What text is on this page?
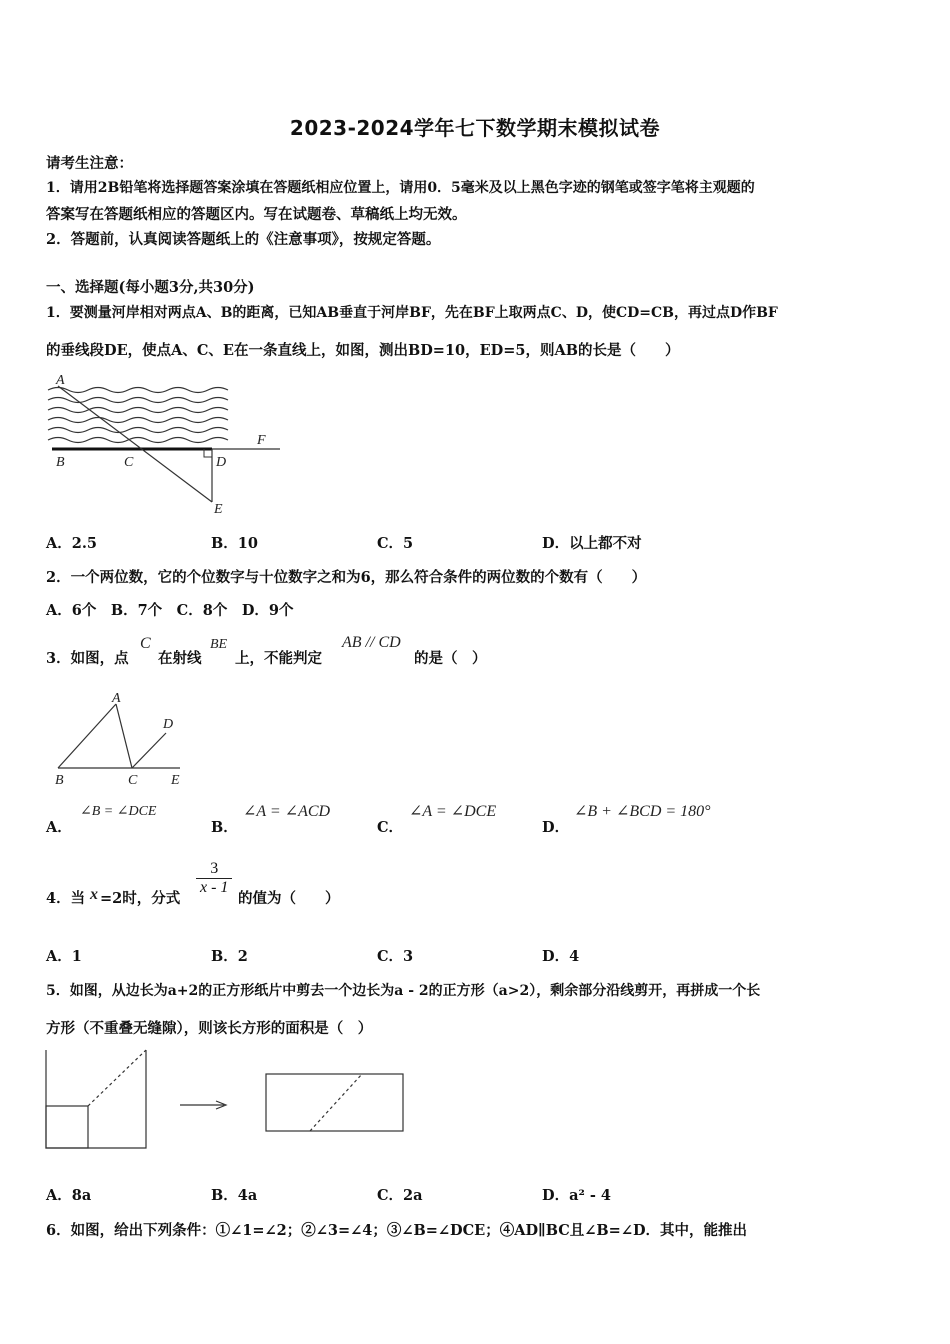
2023-2024学年七下数学期末模拟试卷
请考生注意：
1．请用2B铅笔将选择题答案涂填在答题纸相应位置上，请用0．5毫米及以上黑色字迹的钢笔或签字笔将主观题的
答案写在答题纸相应的答题区内。写在试题卷、草稿纸上均无效。
2．答题前，认真阅读答题纸上的《注意事项》，按规定答题。
一、选择题(每小题3分,共30分)
1．要测量河岸相对两点A、B的距离，已知AB垂直于河岸BF，先在BF上取两点C、D，使CD=CB，再过点D作BF
的垂线段DE，使点A、C、E在一条直线上，如图，测出BD=10，ED=5，则AB的长是（　　）
A
B	C	D
E
F
A．2.5	B．10	C．5	D．以上都不对
2．一个两位数，它的个位数字与十位数字之和为6，那么符合条件的两位数的个数有（　　）
A．6个　B．7个　C．8个　D．9个
3．如图，点
C
在射线
BE
上，不能判定
AB // CD
的是（　）
A
B	C
D
E
A．
∠B = ∠DCE
B．
∠A = ∠ACD
C．
∠A = ∠DCE
D．
∠B + ∠BCD = 180°
4．当 x =2时，分式
$\frac{3}{x - 1}$
的值为（　　）
A．1	B．2	C．3	D．4
5．如图，从边长为a+2的正方形纸片中剪去一个边长为a - 2的正方形（a>2），剩余部分沿线剪开，再拼成一个长
方形（不重叠无缝隙），则该长方形的面积是（　）
A．8a	B．4a	C．2a	D．a² - 4
6．如图，给出下列条件：①∠1=∠2；②∠3=∠4；③∠B=∠DCE；④AD∥BC且∠B=∠D．其中，能推出
